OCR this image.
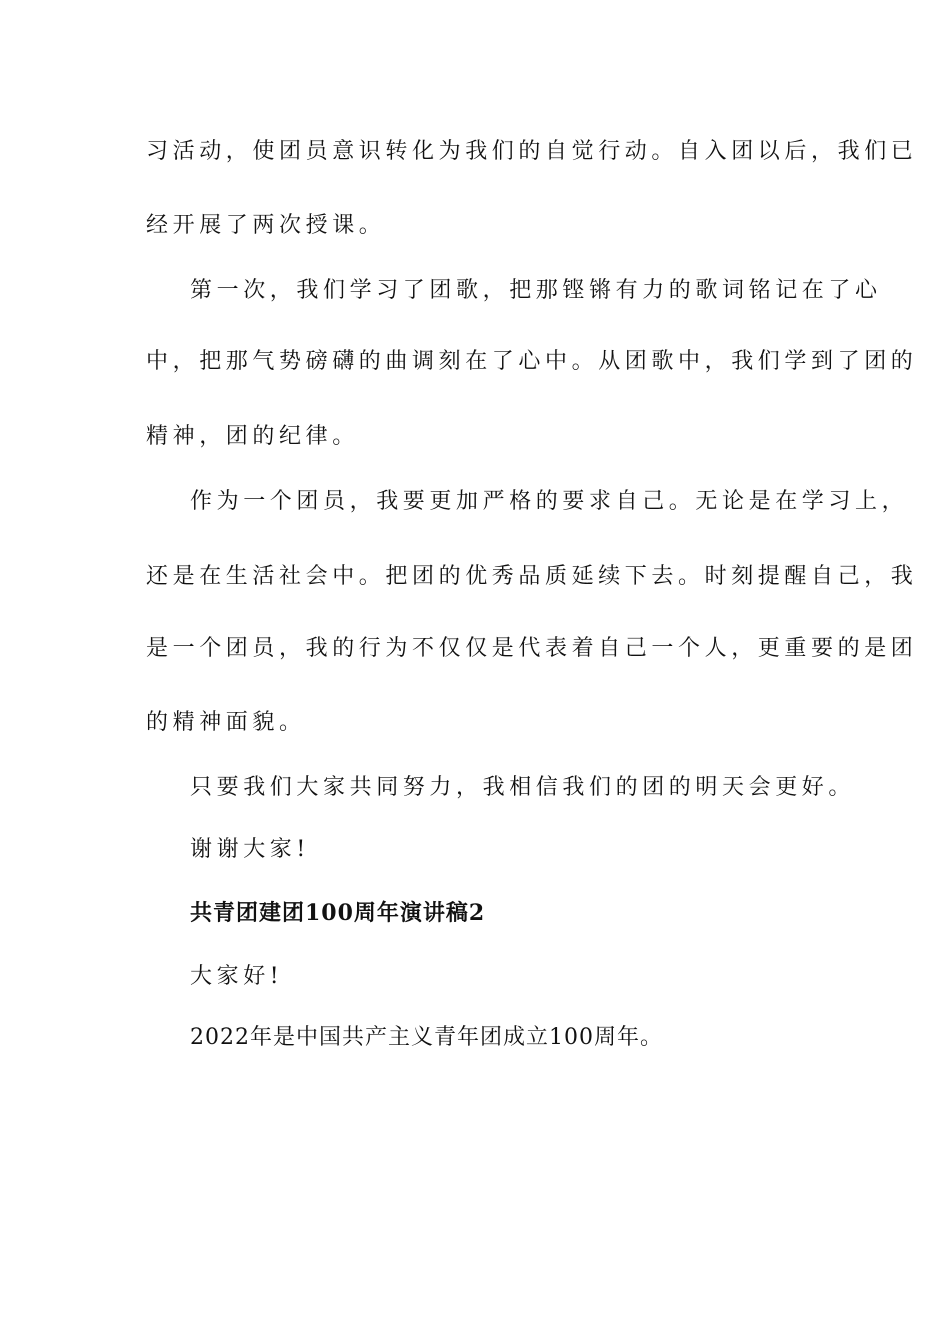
习活动，使团员意识转化为我们的自觉行动。自入团以后，我们已
经开展了两次授课。
第一次，我们学习了团歌，把那铿锵有力的歌词铭记在了心
中，把那气势磅礴的曲调刻在了心中。从团歌中，我们学到了团的
精神，团的纪律。
作为一个团员，我要更加严格的要求自己。无论是在学习上，
还是在生活社会中。把团的优秀品质延续下去。时刻提醒自己，我
是一个团员，我的行为不仅仅是代表着自己一个人，更重要的是团
的精神面貌。
只要我们大家共同努力，我相信我们的团的明天会更好。
谢谢大家!
共青团建团100周年演讲稿2
大家好!
2022年是中国共产主义青年团成立100周年。
